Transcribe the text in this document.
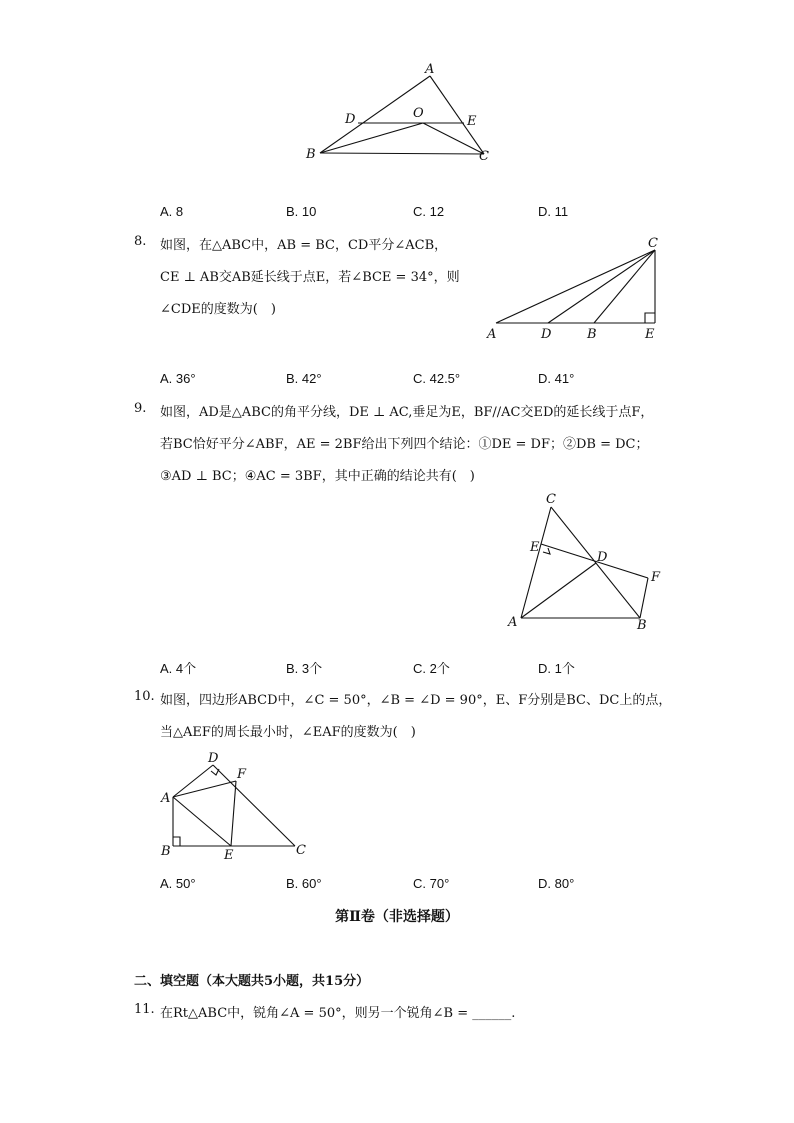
A
D	O
E
B	C
A. 8	B. 10	C. 12	D. 11
8. 如图，在△ABC中，AB = BC，CD平分∠ACB，
CE ⊥ AB交AB延长线于点E，若∠BCE = 34°，则
∠CDE的度数为(　)
C
A	D	B	E
A. 36°	B. 42°	C. 42.5°	D. 41°
9. 如图，AD是△ABC的角平分线，DE ⊥ AC,垂足为E，BF//AC交ED的延长线于点F，
若BC恰好平分∠ABF，AE = 2BF给出下列四个结论：①DE = DF；②DB = DC；
③AD ⊥ BC；④AC = 3BF，其中正确的结论共有(　)
C
E
D
F
A	B
A. 4个	B. 3个	C. 2个	D. 1个
10. 如图，四边形ABCD中，∠C = 50°，∠B = ∠D = 90°，E、F分别是BC、DC上的点，
当△AEF的周长最小时，∠EAF的度数为(　)
D
F
A
B	E	C
A. 50°	B. 60°	C. 70°	D. 80°
第Ⅱ卷（非选择题）
二、填空题（本大题共5小题，共15分）
11. 在Rt△ABC中，锐角∠A = 50°，则另一个锐角∠B = ______.
